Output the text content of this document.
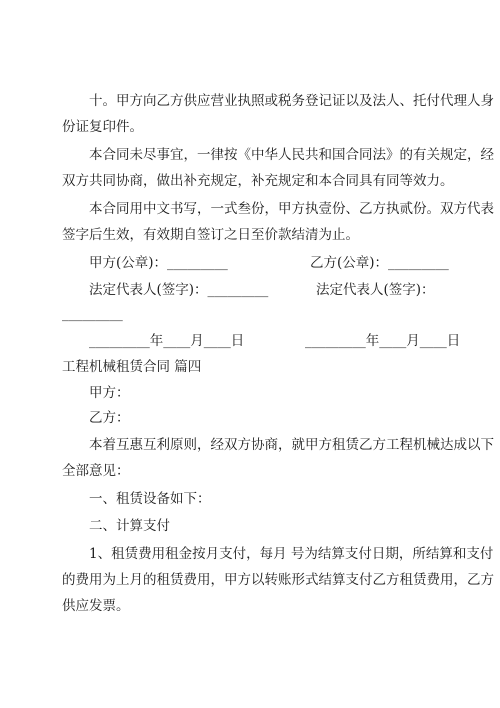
十。甲方向乙方供应营业执照或税务登记证以及法人、托付代理人身
份证复印件。
本合同未尽事宜，一律按《中华人民共和国合同法》的有关规定，经
双方共同协商，做出补充规定，补充规定和本合同具有同等效力。
本合同用中文书写，一式叁份，甲方执壹份、乙方执贰份。双方代表
签字后生效，有效期自签订之日至价款结清为止。
甲方(公章)：_________	乙方(公章)：_________
法定代表人(签字)：_________	法定代表人(签字)：
_________
_________年____月____日	_________年____月____日
工程机械租赁合同 篇四
甲方：
乙方：
本着互惠互利原则，经双方协商，就甲方租赁乙方工程机械达成以下
全部意见：
一、租赁设备如下：
二、计算支付
1、租赁费用租金按月支付，每月 号为结算支付日期，所结算和支付
的费用为上月的租赁费用，甲方以转账形式结算支付乙方租赁费用，乙方
供应发票。
